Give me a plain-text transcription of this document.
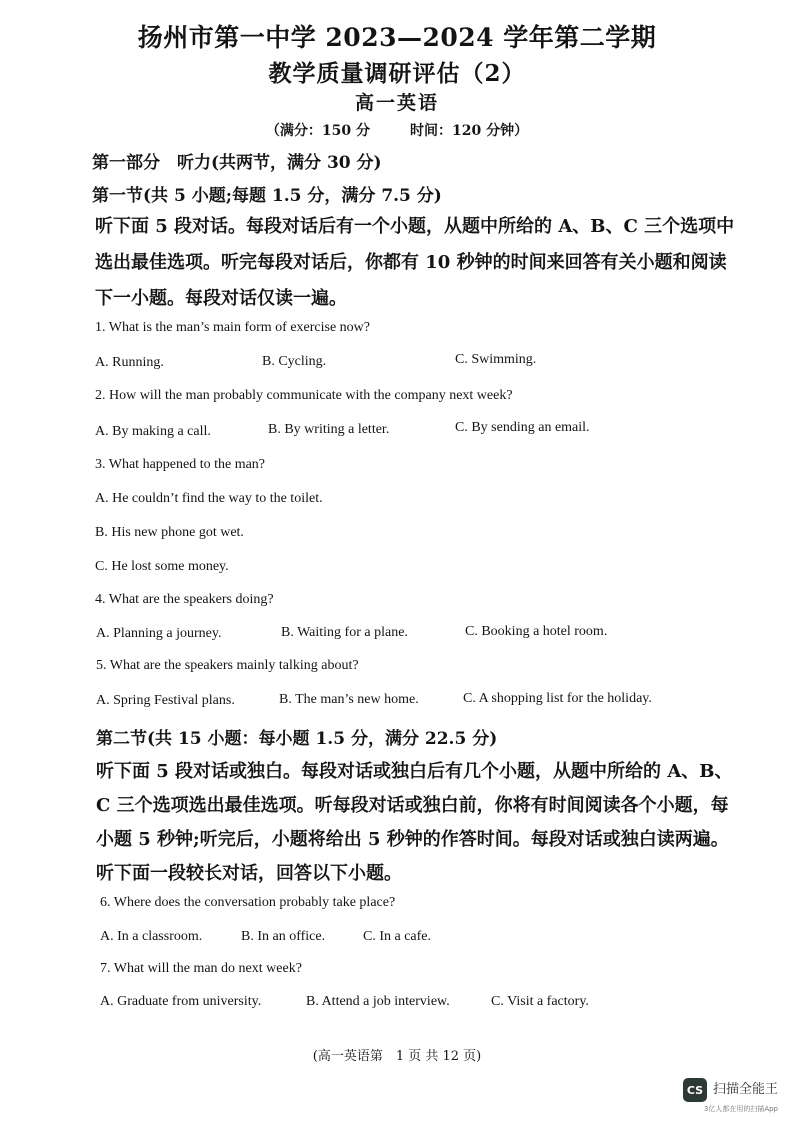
扬州市第一中学 2023—2024 学年第二学期
教学质量调研评估（2）
高一英语
（满分：150 分	时间：120 分钟）
第一部分　听力(共两节，满分 30 分)
第一节(共 5 小题;每题 1.5 分，满分 7.5 分)
听下面 5 段对话。每段对话后有一个小题，从题中所给的 A、B、C 三个选项中
选出最佳选项。听完每段对话后，你都有 10 秒钟的时间来回答有关小题和阅读
下一小题。每段对话仅读一遍。
1. What is the man’s main form of exercise now?
A. Running.	B. Cycling.	C. Swimming.
2. How will the man probably communicate with the company next week?
A. By making a call.	B. By writing a letter.	C. By sending an email.
3. What happened to the man?
A. He couldn’t find the way to the toilet.
B. His new phone got wet.
C. He lost some money.
4. What are the speakers doing?
A. Planning a journey.	B. Waiting for a plane.	C. Booking a hotel room.
5. What are the speakers mainly talking about?
A. Spring Festival plans.	B. The man’s new home.	C. A shopping list for the holiday.
第二节(共 15 小题：每小题 1.5 分，满分 22.5 分)
听下面 5 段对话或独白。每段对话或独白后有几个小题，从题中所给的 A、B、
C 三个选项选出最佳选项。听每段对话或独白前，你将有时间阅读各个小题，每
小题 5 秒钟;听完后，小题将给出 5 秒钟的作答时间。每段对话或独白读两遍。
听下面一段较长对话，回答以下小题。
6. Where does the conversation probably take place?
A. In a classroom.	B. In an office.	C. In a cafe.
7. What will the man do next week?
A. Graduate from university.	B. Attend a job interview.	C. Visit a factory.
(高一英语第　1 页 共 12 页)
CS 扫描全能王
3亿人都在用的扫描App
